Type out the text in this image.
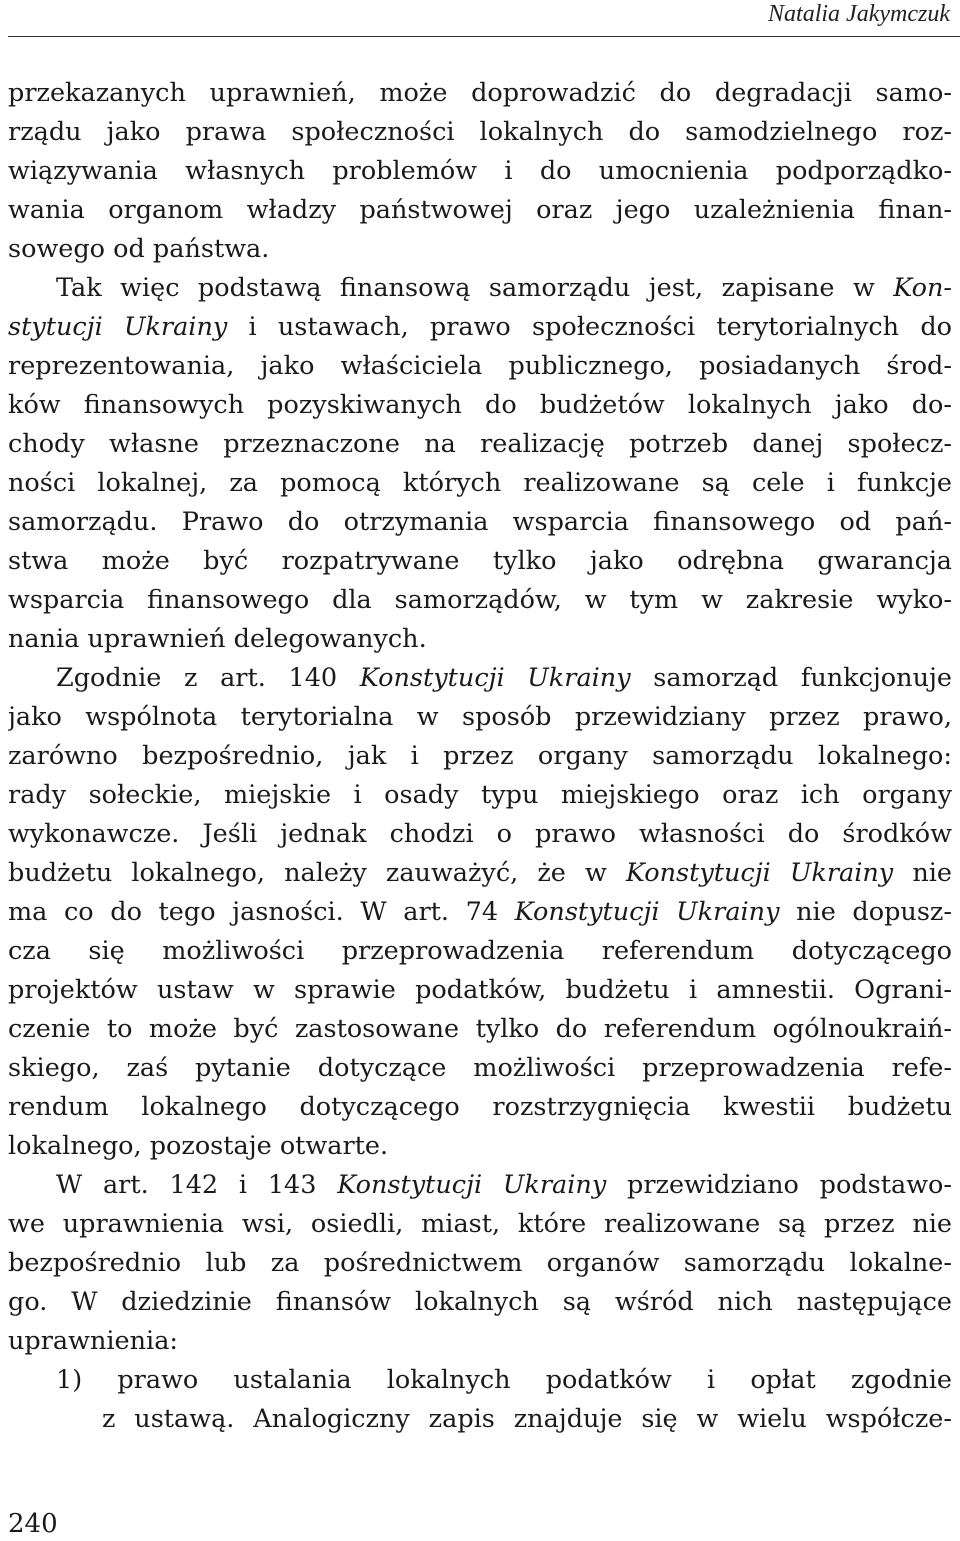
Natalia Jakymczuk
przekazanych uprawnień, może doprowadzić do degradacji samo-
rządu jako prawa społeczności lokalnych do samodzielnego roz-
wiązywania własnych problemów i do umocnienia podporządko-
wania organom władzy państwowej oraz jego uzależnienia finan-
sowego od państwa.
Tak więc podstawą finansową samorządu jest, zapisane w Kon-
stytucji Ukrainy i ustawach, prawo społeczności terytorialnych do
reprezentowania, jako właściciela publicznego, posiadanych środ-
ków finansowych pozyskiwanych do budżetów lokalnych jako do-
chody własne przeznaczone na realizację potrzeb danej społecz-
ności lokalnej, za pomocą których realizowane są cele i funkcje
samorządu. Prawo do otrzymania wsparcia finansowego od pań-
stwa może być rozpatrywane tylko jako odrębna gwarancja
wsparcia finansowego dla samorządów, w tym w zakresie wyko-
nania uprawnień delegowanych.
Zgodnie z art. 140 Konstytucji Ukrainy samorząd funkcjonuje
jako wspólnota terytorialna w sposób przewidziany przez prawo,
zarówno bezpośrednio, jak i przez organy samorządu lokalnego:
rady sołeckie, miejskie i osady typu miejskiego oraz ich organy
wykonawcze. Jeśli jednak chodzi o prawo własności do środków
budżetu lokalnego, należy zauważyć, że w Konstytucji Ukrainy nie
ma co do tego jasności. W art. 74 Konstytucji Ukrainy nie dopusz-
cza się możliwości przeprowadzenia referendum dotyczącego
projektów ustaw w sprawie podatków, budżetu i amnestii. Ograni-
czenie to może być zastosowane tylko do referendum ogólnoukraiń-
skiego, zaś pytanie dotyczące możliwości przeprowadzenia refe-
rendum lokalnego dotyczącego rozstrzygnięcia kwestii budżetu
lokalnego, pozostaje otwarte.
W art. 142 i 143 Konstytucji Ukrainy przewidziano podstawo-
we uprawnienia wsi, osiedli, miast, które realizowane są przez nie
bezpośrednio lub za pośrednictwem organów samorządu lokalne-
go. W dziedzinie finansów lokalnych są wśród nich następujące
uprawnienia:
1) prawo ustalania lokalnych podatków i opłat zgodnie
z ustawą. Analogiczny zapis znajduje się w wielu współcze-
240
